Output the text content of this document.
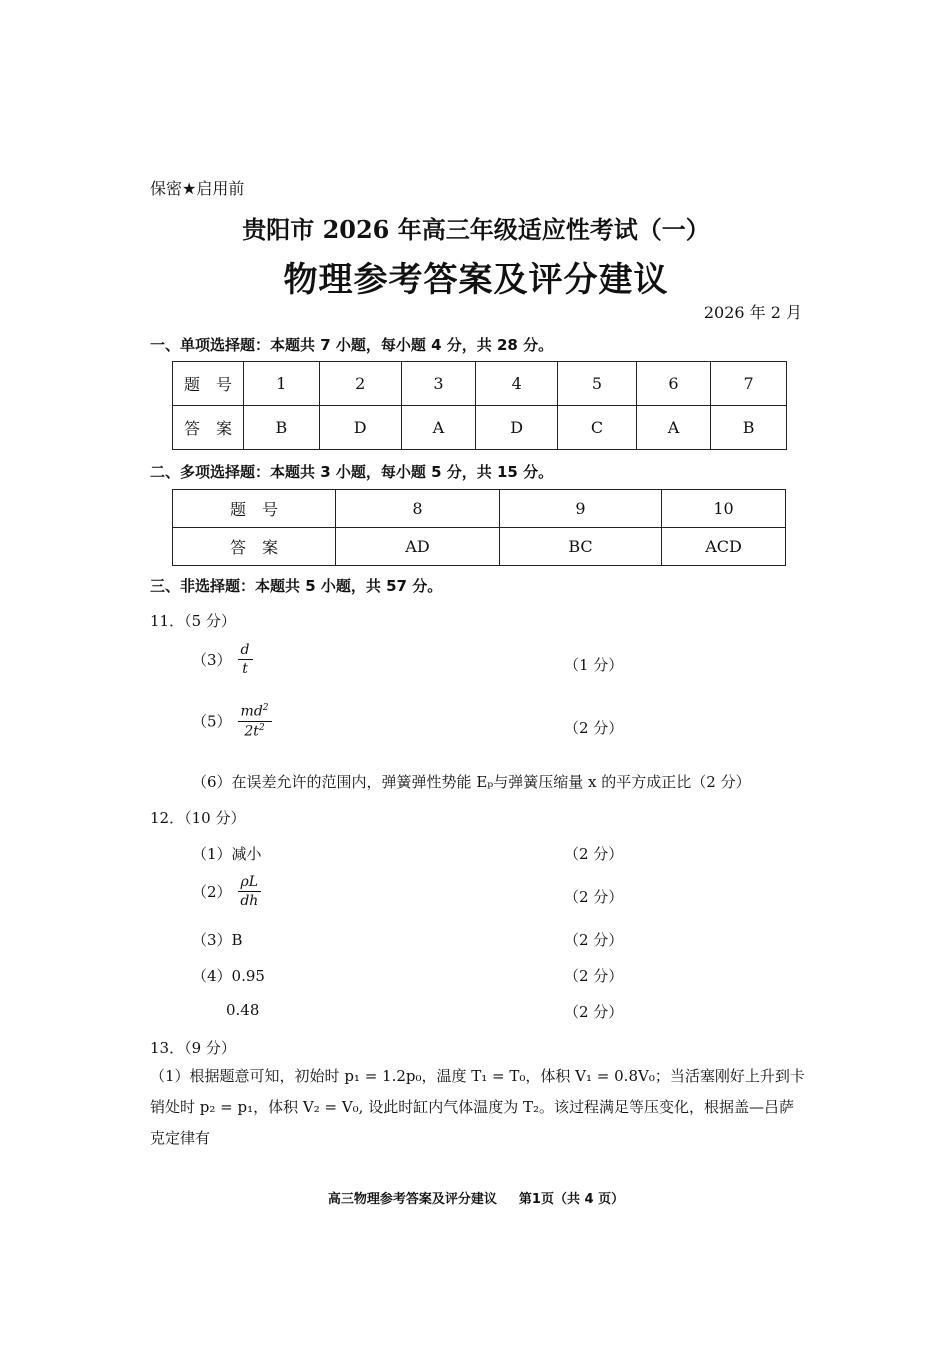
保密★启用前
贵阳市 2026 年高三年级适应性考试（一）
物理参考答案及评分建议
2026 年 2 月
一、单项选择题：本题共 7 小题，每小题 4 分，共 28 分。
题　号	1	2	3	4	5	6	7
答　案	B	D	A	D	C	A	B
二、多项选择题：本题共 3 小题，每小题 5 分，共 15 分。
题　号	8	9	10
答　案	AD	BC	ACD
三、非选择题：本题共 5 小题，共 57 分。
11．（5 分）
$(3) \frac{d}{t}$	（1 分）
$(5) \frac{md^2}{2t^2}$	（2 分）
（6）在误差允许的范围内，弹簧弹性势能 Eₚ与弹簧压缩量 x 的平方成正比（2 分）
12．（10 分）
（1）减小	（2 分）
$(2) \frac{\rho L}{dh}$	（2 分）
（3）B	（2 分）
（4）0.95	（2 分）
0.48	（2 分）
13．（9 分）
（1）根据题意可知，初始时 p₁ = 1.2p₀，温度 T₁ = T₀，体积 V₁ = 0.8V₀；当活塞刚好上升到卡销处时 p₂ = p₁，体积 V₂ = V₀, 设此时缸内气体温度为 T₂。该过程满足等压变化，根据盖—吕萨克定律有
高三物理参考答案及评分建议 第1页（共 4 页）
